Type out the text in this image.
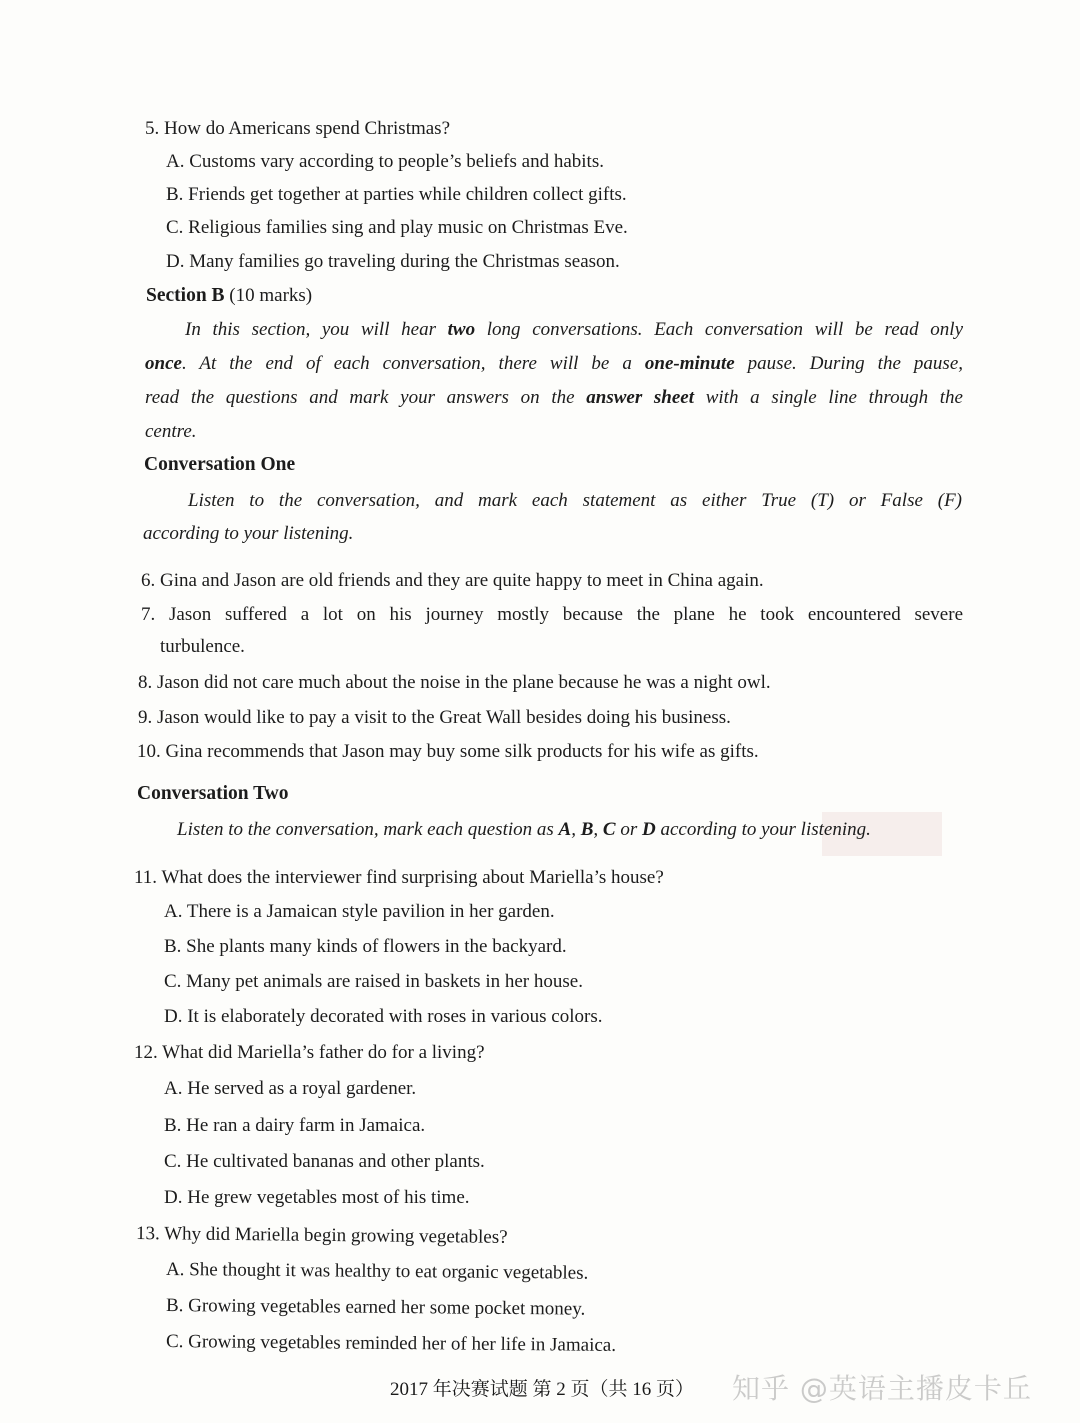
5. How do Americans spend Christmas?
A. Customs vary according to people’s beliefs and habits.
B. Friends get together at parties while children collect gifts.
C. Religious families sing and play music on Christmas Eve.
D. Many families go traveling during the Christmas season.
Section B (10 marks)
In this section, you will hear two long conversations. Each conversation will be read only
once. At the end of each conversation, there will be a one-minute pause. During the pause,
read the questions and mark your answers on the answer sheet with a single line through the
centre.
Conversation One
Listen to the conversation, and mark each statement as either True (T) or False (F)
according to your listening.
6. Gina and Jason are old friends and they are quite happy to meet in China again.
7. Jason suffered a lot on his journey mostly because the plane he took encountered severe
turbulence.
8. Jason did not care much about the noise in the plane because he was a night owl.
9. Jason would like to pay a visit to the Great Wall besides doing his business.
10. Gina recommends that Jason may buy some silk products for his wife as gifts.
Conversation Two
Listen to the conversation, mark each question as A, B, C or D according to your listening.
11. What does the interviewer find surprising about Mariella’s house?
A. There is a Jamaican style pavilion in her garden.
B. She plants many kinds of flowers in the backyard.
C. Many pet animals are raised in baskets in her house.
D. It is elaborately decorated with roses in various colors.
12. What did Mariella’s father do for a living?
A. He served as a royal gardener.
B. He ran a dairy farm in Jamaica.
C. He cultivated bananas and other plants.
D. He grew vegetables most of his time.
13. Why did Mariella begin growing vegetables?
A. She thought it was healthy to eat organic vegetables.
B. Growing vegetables earned her some pocket money.
C. Growing vegetables reminded her of her life in Jamaica.
2017 年决赛试题 第 2 页（共 16 页） 知乎 @英语主播皮卡丘
